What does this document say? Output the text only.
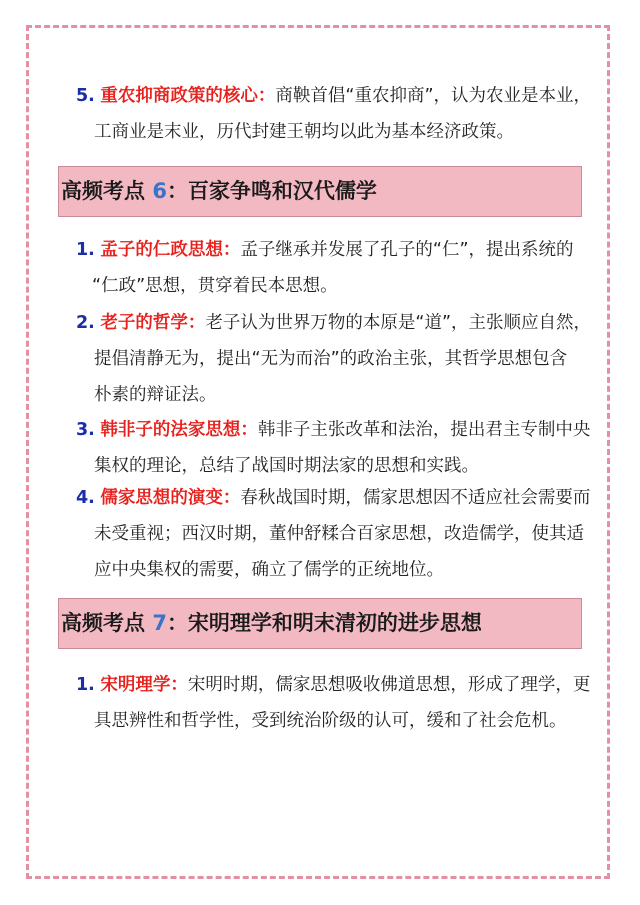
5. 重农抑商政策的核心：商鞅首倡“重农抑商”，认为农业是本业，
工商业是末业，历代封建王朝均以此为基本经济政策。
高频考点 6：百家争鸣和汉代儒学
1. 孟子的仁政思想：孟子继承并发展了孔子的“仁”，提出系统的
“仁政”思想，贯穿着民本思想。
2. 老子的哲学：老子认为世界万物的本原是“道”，主张顺应自然，
提倡清静无为，提出“无为而治”的政治主张，其哲学思想包含
朴素的辩证法。
3. 韩非子的法家思想：韩非子主张改革和法治，提出君主专制中央
集权的理论，总结了战国时期法家的思想和实践。
4. 儒家思想的演变：春秋战国时期，儒家思想因不适应社会需要而
未受重视；西汉时期，董仲舒糅合百家思想，改造儒学，使其适
应中央集权的需要，确立了儒学的正统地位。
高频考点 7：宋明理学和明末清初的进步思想
1. 宋明理学：宋明时期，儒家思想吸收佛道思想，形成了理学，更
具思辨性和哲学性，受到统治阶级的认可，缓和了社会危机。
